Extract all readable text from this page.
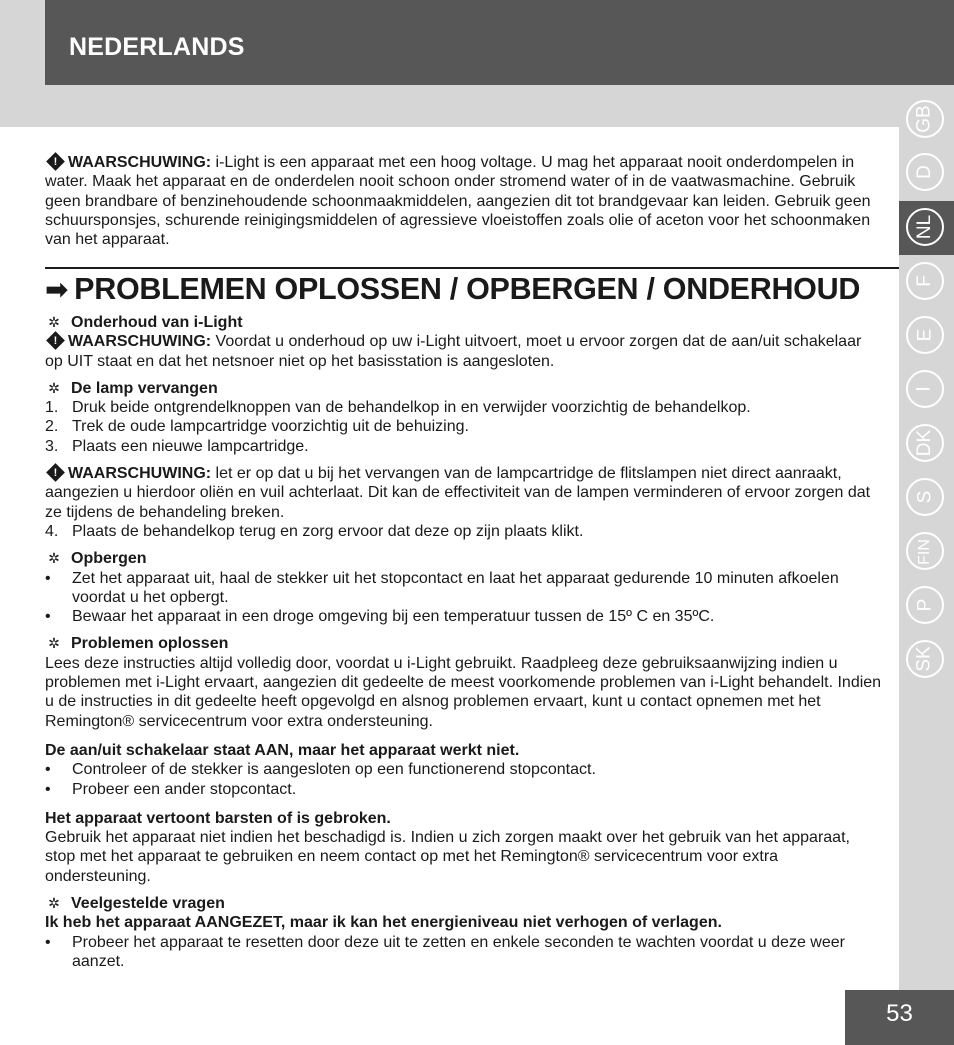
NEDERLANDS
GB
D
NL
F
E
I
DK
S
FIN
P
SK
53

!WAARSCHUWING: i-Light is een apparaat met een hoog voltage. U mag het apparaat nooit onderdompelen in water. Maak het apparaat en de onderdelen nooit schoon onder stromend water of in de vaatwasmachine. Gebruik geen brandbare of benzinehoudende schoonmaakmiddelen, aangezien dit tot brandgevaar kan leiden. Gebruik geen schuursponsjes, schurende reinigingsmiddelen of agressieve vloeistoffen zoals olie of aceton voor het schoonmaken van het apparaat.

➡ PROBLEMEN OPLOSSEN / OPBERGEN / ONDERHOUD

✲ Onderhoud van i-Light

!WAARSCHUWING: Voordat u onderhoud op uw i-Light uitvoert, moet u ervoor zorgen dat de aan/uit schakelaar op UIT staat en dat het netsnoer niet op het basisstation is aangesloten.

✲ De lamp vervangen

1. Druk beide ontgrendelknoppen van de behandelkop in en verwijder voorzichtig de behandelkop.
2. Trek de oude lampcartridge voorzichtig uit de behuizing.
3. Plaats een nieuwe lampcartridge.

!WAARSCHUWING: let er op dat u bij het vervangen van de lampcartridge de flitslampen niet direct aanraakt, aangezien u hierdoor oliën en vuil achterlaat. Dit kan de effectiviteit van de lampen verminderen of ervoor zorgen dat ze tijdens de behandeling breken.

4. Plaats de behandelkop terug en zorg ervoor dat deze op zijn plaats klikt.

✲ Opbergen

• Zet het apparaat uit, haal de stekker uit het stopcontact en laat het apparaat gedurende 10 minuten afkoelen voordat u het opbergt.
• Bewaar het apparaat in een droge omgeving bij een temperatuur tussen de 15º C en 35ºC.

✲ Problemen oplossen

Lees deze instructies altijd volledig door, voordat u i-Light gebruikt. Raadpleeg deze gebruiksaanwijzing indien u problemen met i-Light ervaart, aangezien dit gedeelte de meest voorkomende problemen van i-Light behandelt. Indien u de instructies in dit gedeelte heeft opgevolgd en alsnog problemen ervaart, kunt u contact opnemen met het Remington® servicecentrum voor extra ondersteuning.

De aan/uit schakelaar staat AAN, maar het apparaat werkt niet.

• Controleer of de stekker is aangesloten op een functionerend stopcontact.
• Probeer een ander stopcontact.

Het apparaat vertoont barsten of is gebroken.

Gebruik het apparaat niet indien het beschadigd is. Indien u zich zorgen maakt over het gebruik van het apparaat, stop met het apparaat te gebruiken en neem contact op met het Remington® servicecentrum voor extra ondersteuning.

✲ Veelgestelde vragen

Ik heb het apparaat AANGEZET, maar ik kan het energieniveau niet verhogen of verlagen.

• Probeer het apparaat te resetten door deze uit te zetten en enkele seconden te wachten voordat u deze weer aanzet.
